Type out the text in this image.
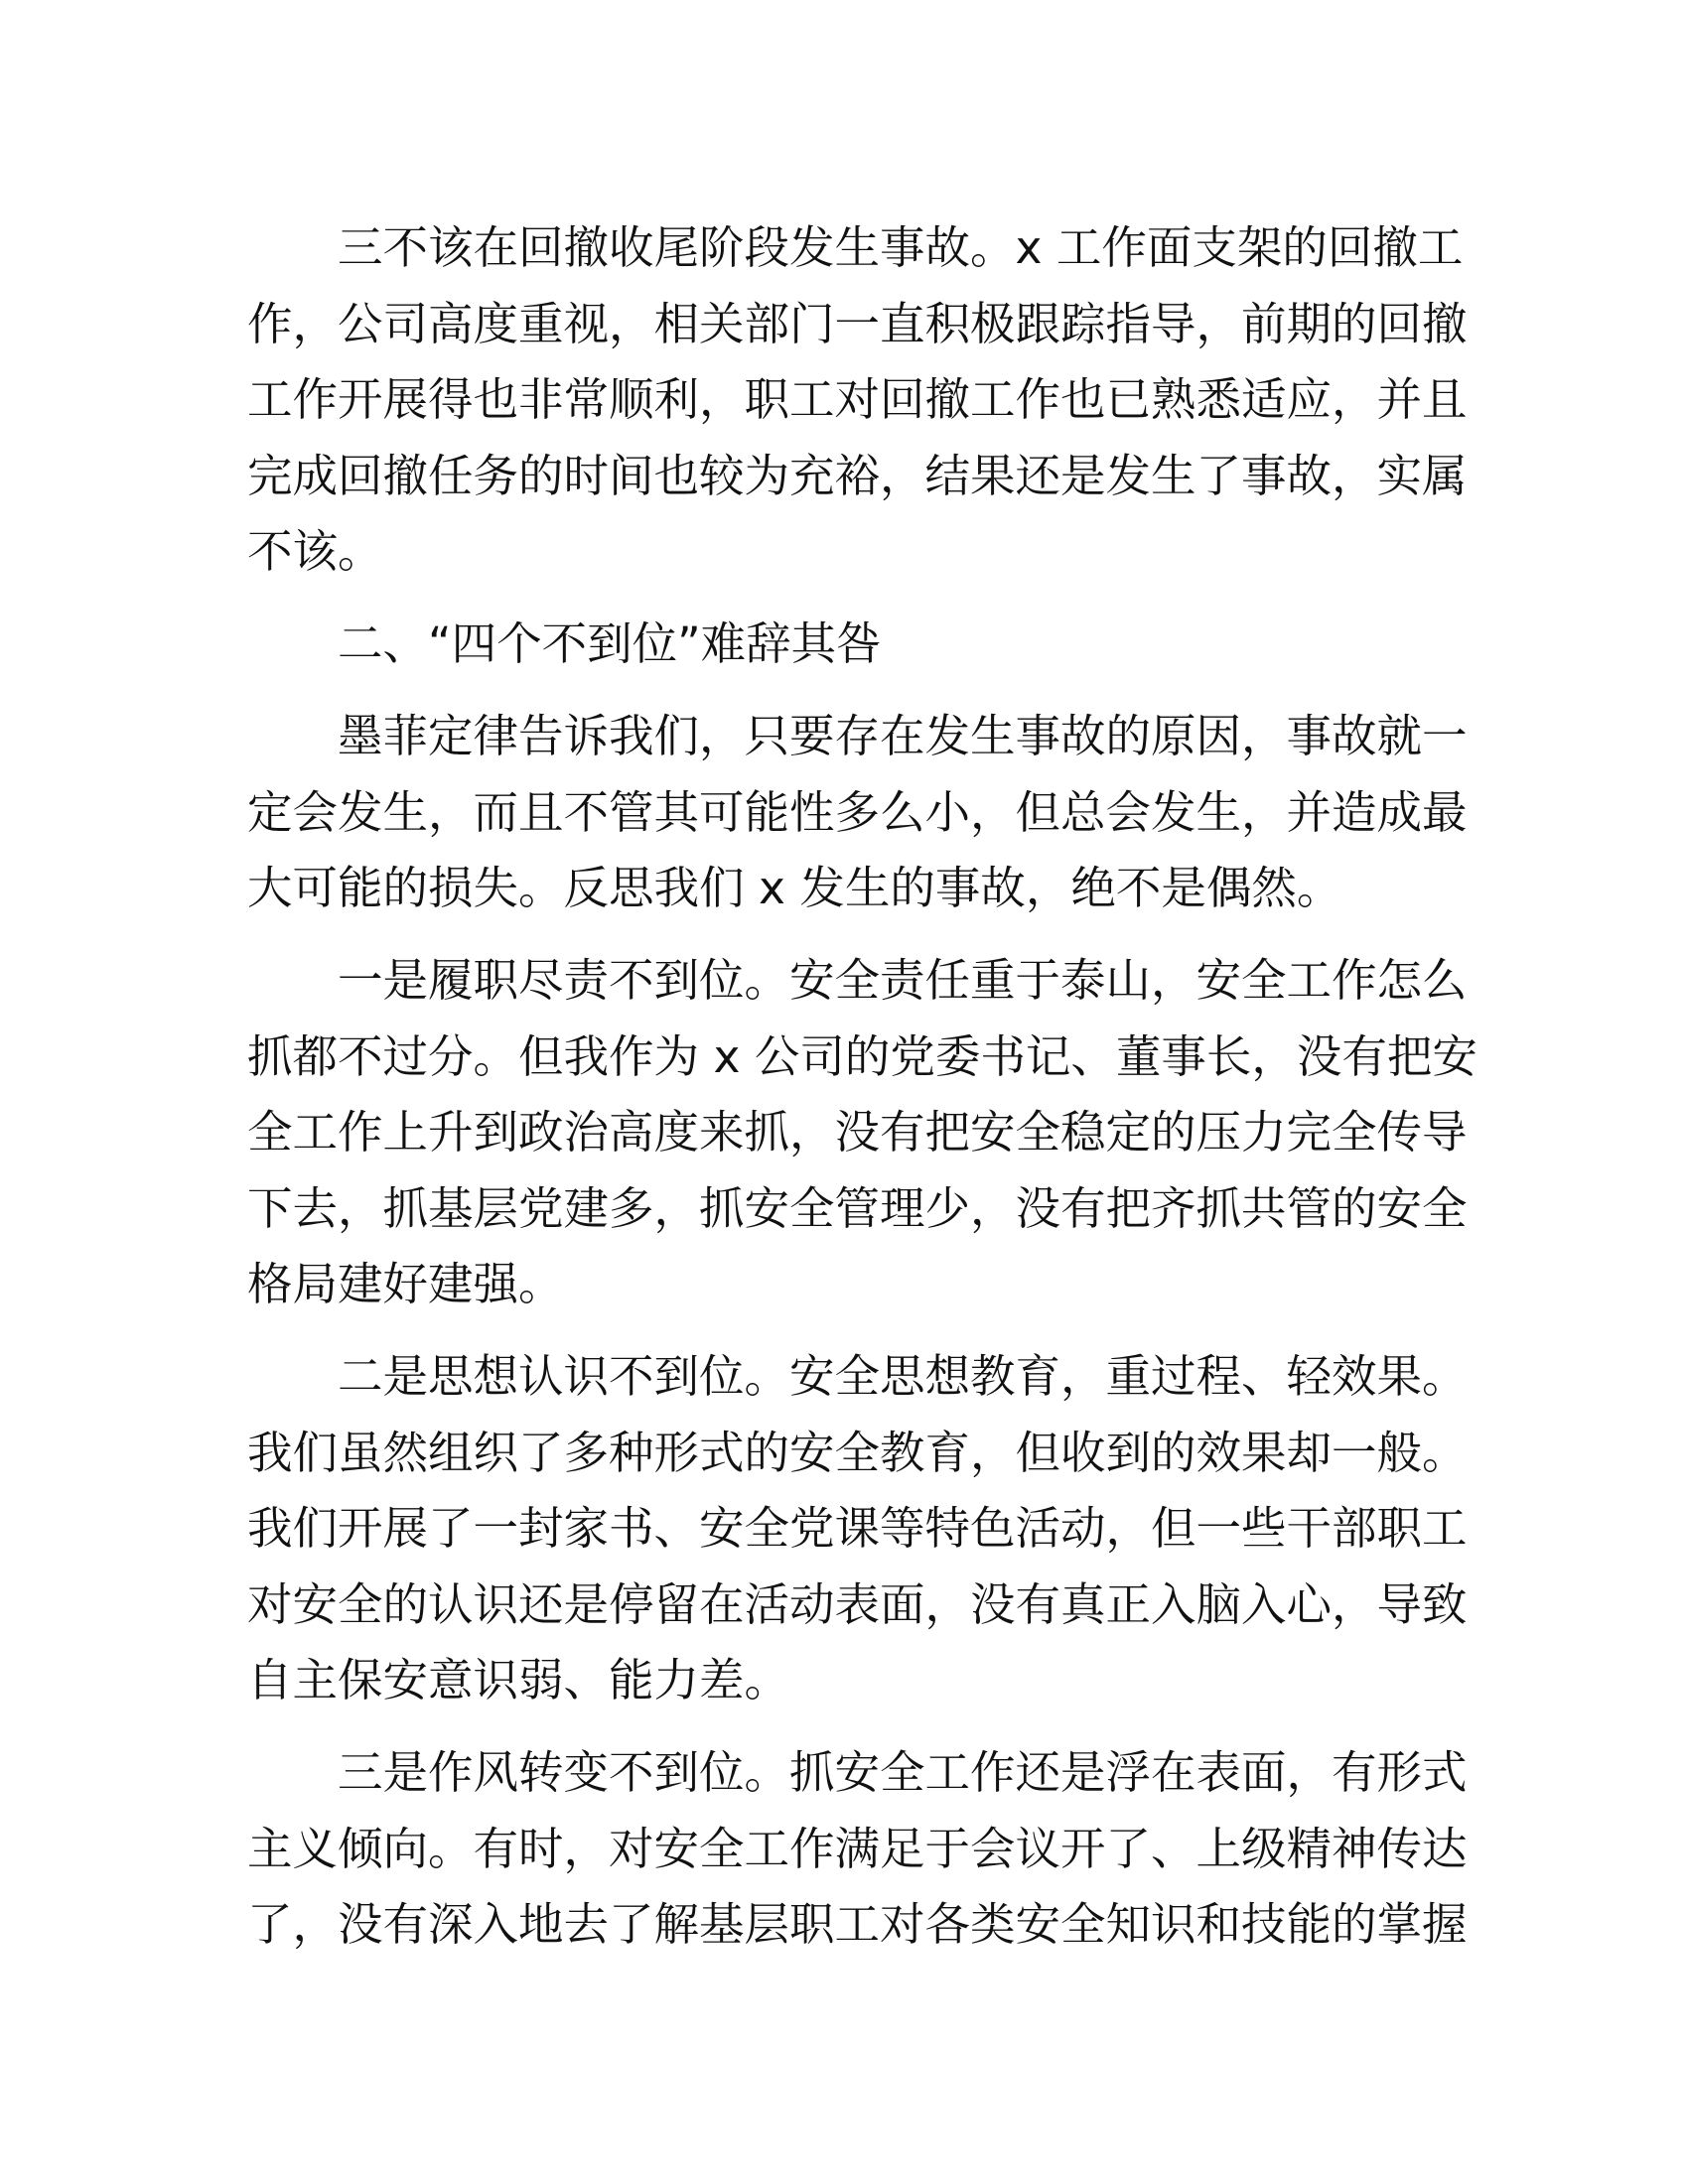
三不该在回撤收尾阶段发生事故。x 工作面支架的回撤工
作，公司高度重视，相关部门一直积极跟踪指导，前期的回撤
工作开展得也非常顺利，职工对回撤工作也已熟悉适应，并且
完成回撤任务的时间也较为充裕，结果还是发生了事故，实属
不该。
二、“四个不到位”难辞其咎
墨菲定律告诉我们，只要存在发生事故的原因，事故就一
定会发生，而且不管其可能性多么小，但总会发生，并造成最
大可能的损失。反思我们 x 发生的事故，绝不是偶然。
一是履职尽责不到位。安全责任重于泰山，安全工作怎么
抓都不过分。但我作为 x 公司的党委书记、董事长，没有把安
全工作上升到政治高度来抓，没有把安全稳定的压力完全传导
下去，抓基层党建多，抓安全管理少，没有把齐抓共管的安全
格局建好建强。
二是思想认识不到位。安全思想教育，重过程、轻效果。
我们虽然组织了多种形式的安全教育，但收到的效果却一般。
我们开展了一封家书、安全党课等特色活动，但一些干部职工
对安全的认识还是停留在活动表面，没有真正入脑入心，导致
自主保安意识弱、能力差。
三是作风转变不到位。抓安全工作还是浮在表面，有形式
主义倾向。有时，对安全工作满足于会议开了、上级精神传达
了，没有深入地去了解基层职工对各类安全知识和技能的掌握
